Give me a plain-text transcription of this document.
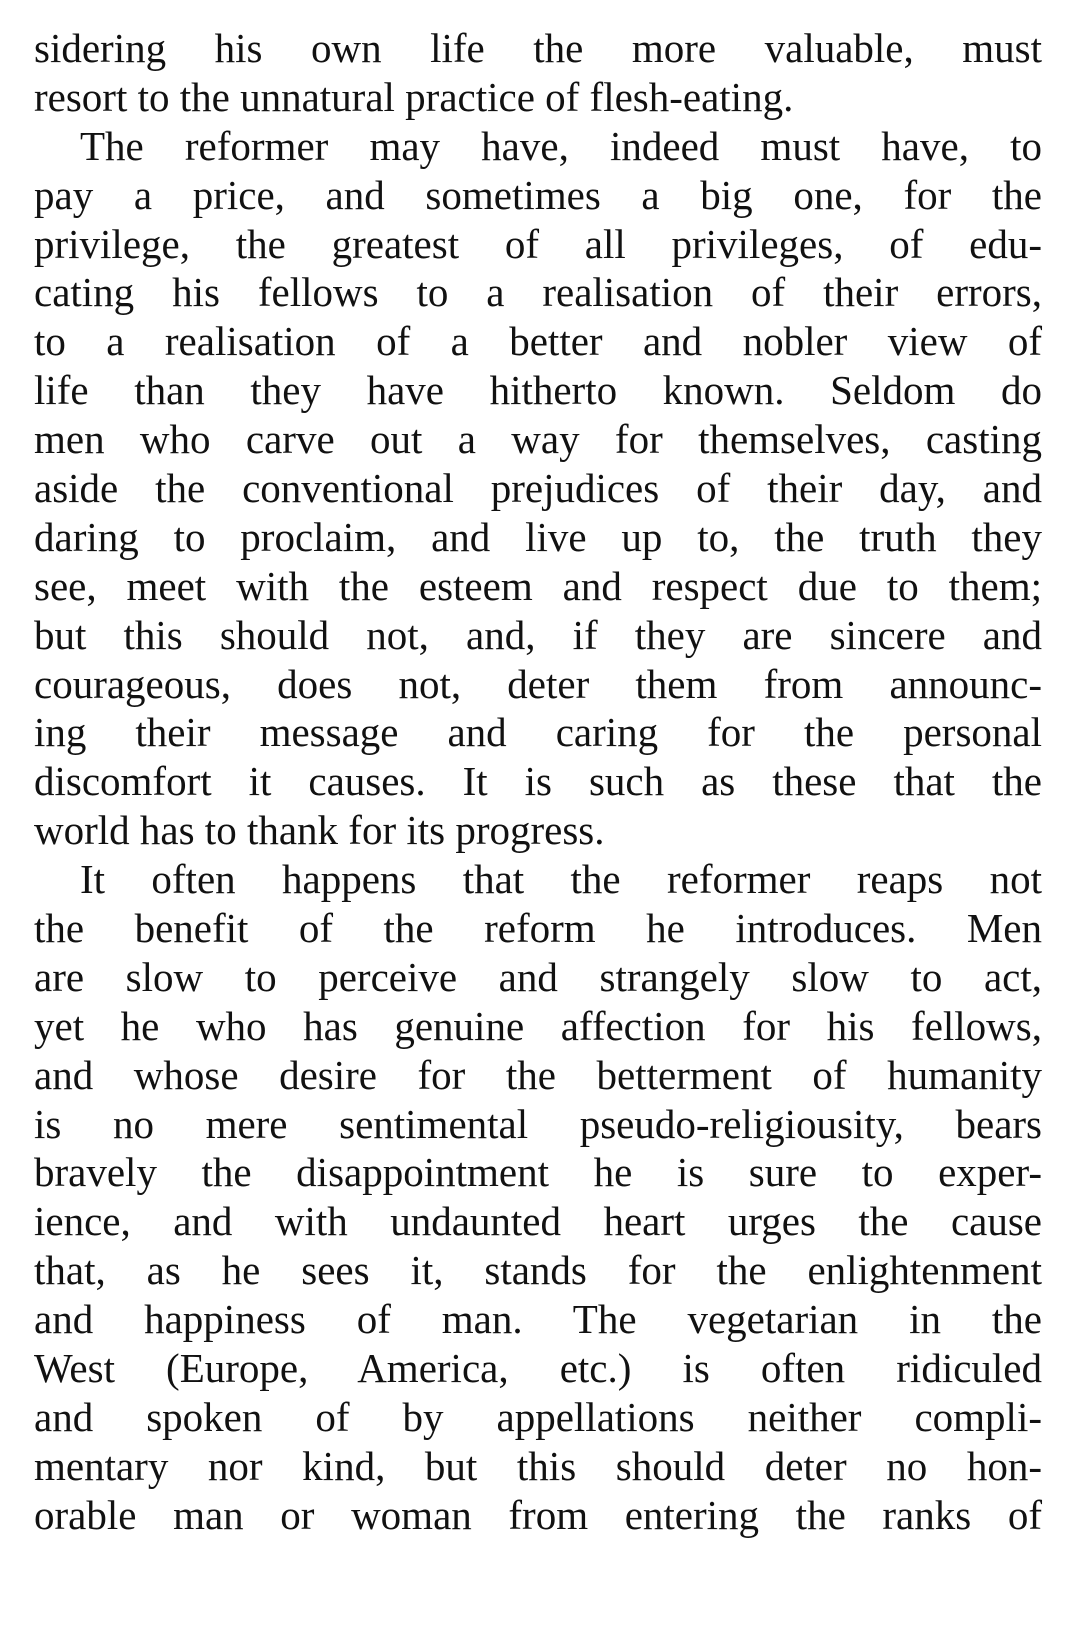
sidering his own life the more valuable, must
resort to the unnatural practice of flesh-eating.
The reformer may have, indeed must have, to
pay a price, and sometimes a big one, for the
privilege, the greatest of all privileges, of edu-
cating his fellows to a realisation of their errors,
to a realisation of a better and nobler view of
life than they have hitherto known. Seldom do
men who carve out a way for themselves, casting
aside the conventional prejudices of their day, and
daring to proclaim, and live up to, the truth they
see, meet with the esteem and respect due to them;
but this should not, and, if they are sincere and
courageous, does not, deter them from announc-
ing their message and caring for the personal
discomfort it causes. It is such as these that the
world has to thank for its progress.
It often happens that the reformer reaps not
the benefit of the reform he introduces. Men
are slow to perceive and strangely slow to act,
yet he who has genuine affection for his fellows,
and whose desire for the betterment of humanity
is no mere sentimental pseudo-religiousity, bears
bravely the disappointment he is sure to exper-
ience, and with undaunted heart urges the cause
that, as he sees it, stands for the enlightenment
and happiness of man. The vegetarian in the
West (Europe, America, etc.) is often ridiculed
and spoken of by appellations neither compli-
mentary nor kind, but this should deter no hon-
orable man or woman from entering the ranks of
